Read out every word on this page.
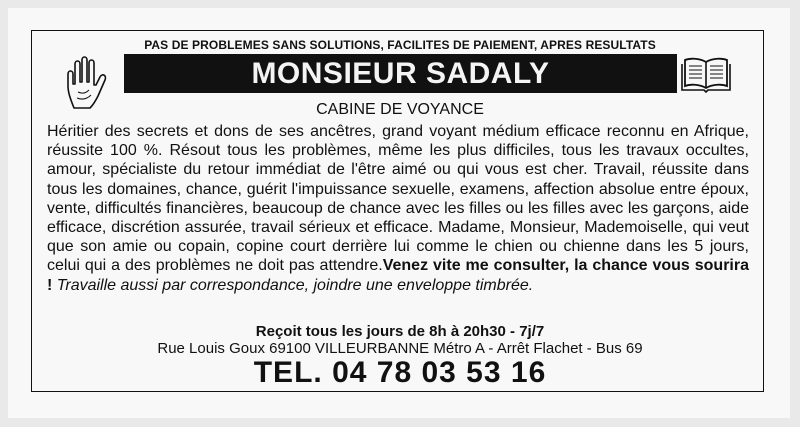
PAS DE PROBLEMES SANS SOLUTIONS, FACILITES DE PAIEMENT, APRES RESULTATS
MONSIEUR SADALY
CABINE DE VOYANCE

Héritier des secrets et dons de ses ancêtres, grand voyant médium efficace reconnu en Afrique, réussite 100 %. Résout tous les problèmes, même les plus difficiles, tous les travaux occultes, amour, spécialiste du retour immédiat de l'être aimé ou qui vous est cher. Travail, réussite dans tous les domaines, chance, guérit l'impuissance sexuelle, examens, affection absolue entre époux, vente, difficultés financières, beaucoup de chance avec les filles ou les filles avec les garçons, aide efficace, discrétion assurée, travail sérieux et efficace. Madame, Monsieur, Mademoiselle, qui veut que son amie ou copain, copine court derrière lui comme le chien ou chienne dans les 5 jours, celui qui a des problèmes ne doit pas attendre.Venez vite me consulter, la chance vous sourira ! Travaille aussi par correspondance, joindre une enveloppe timbrée.

Reçoit tous les jours de 8h à 20h30 - 7j/7
Rue Louis Goux 69100 VILLEURBANNE Métro A - Arrêt Flachet - Bus 69
TEL. 04 78 03 53 16
